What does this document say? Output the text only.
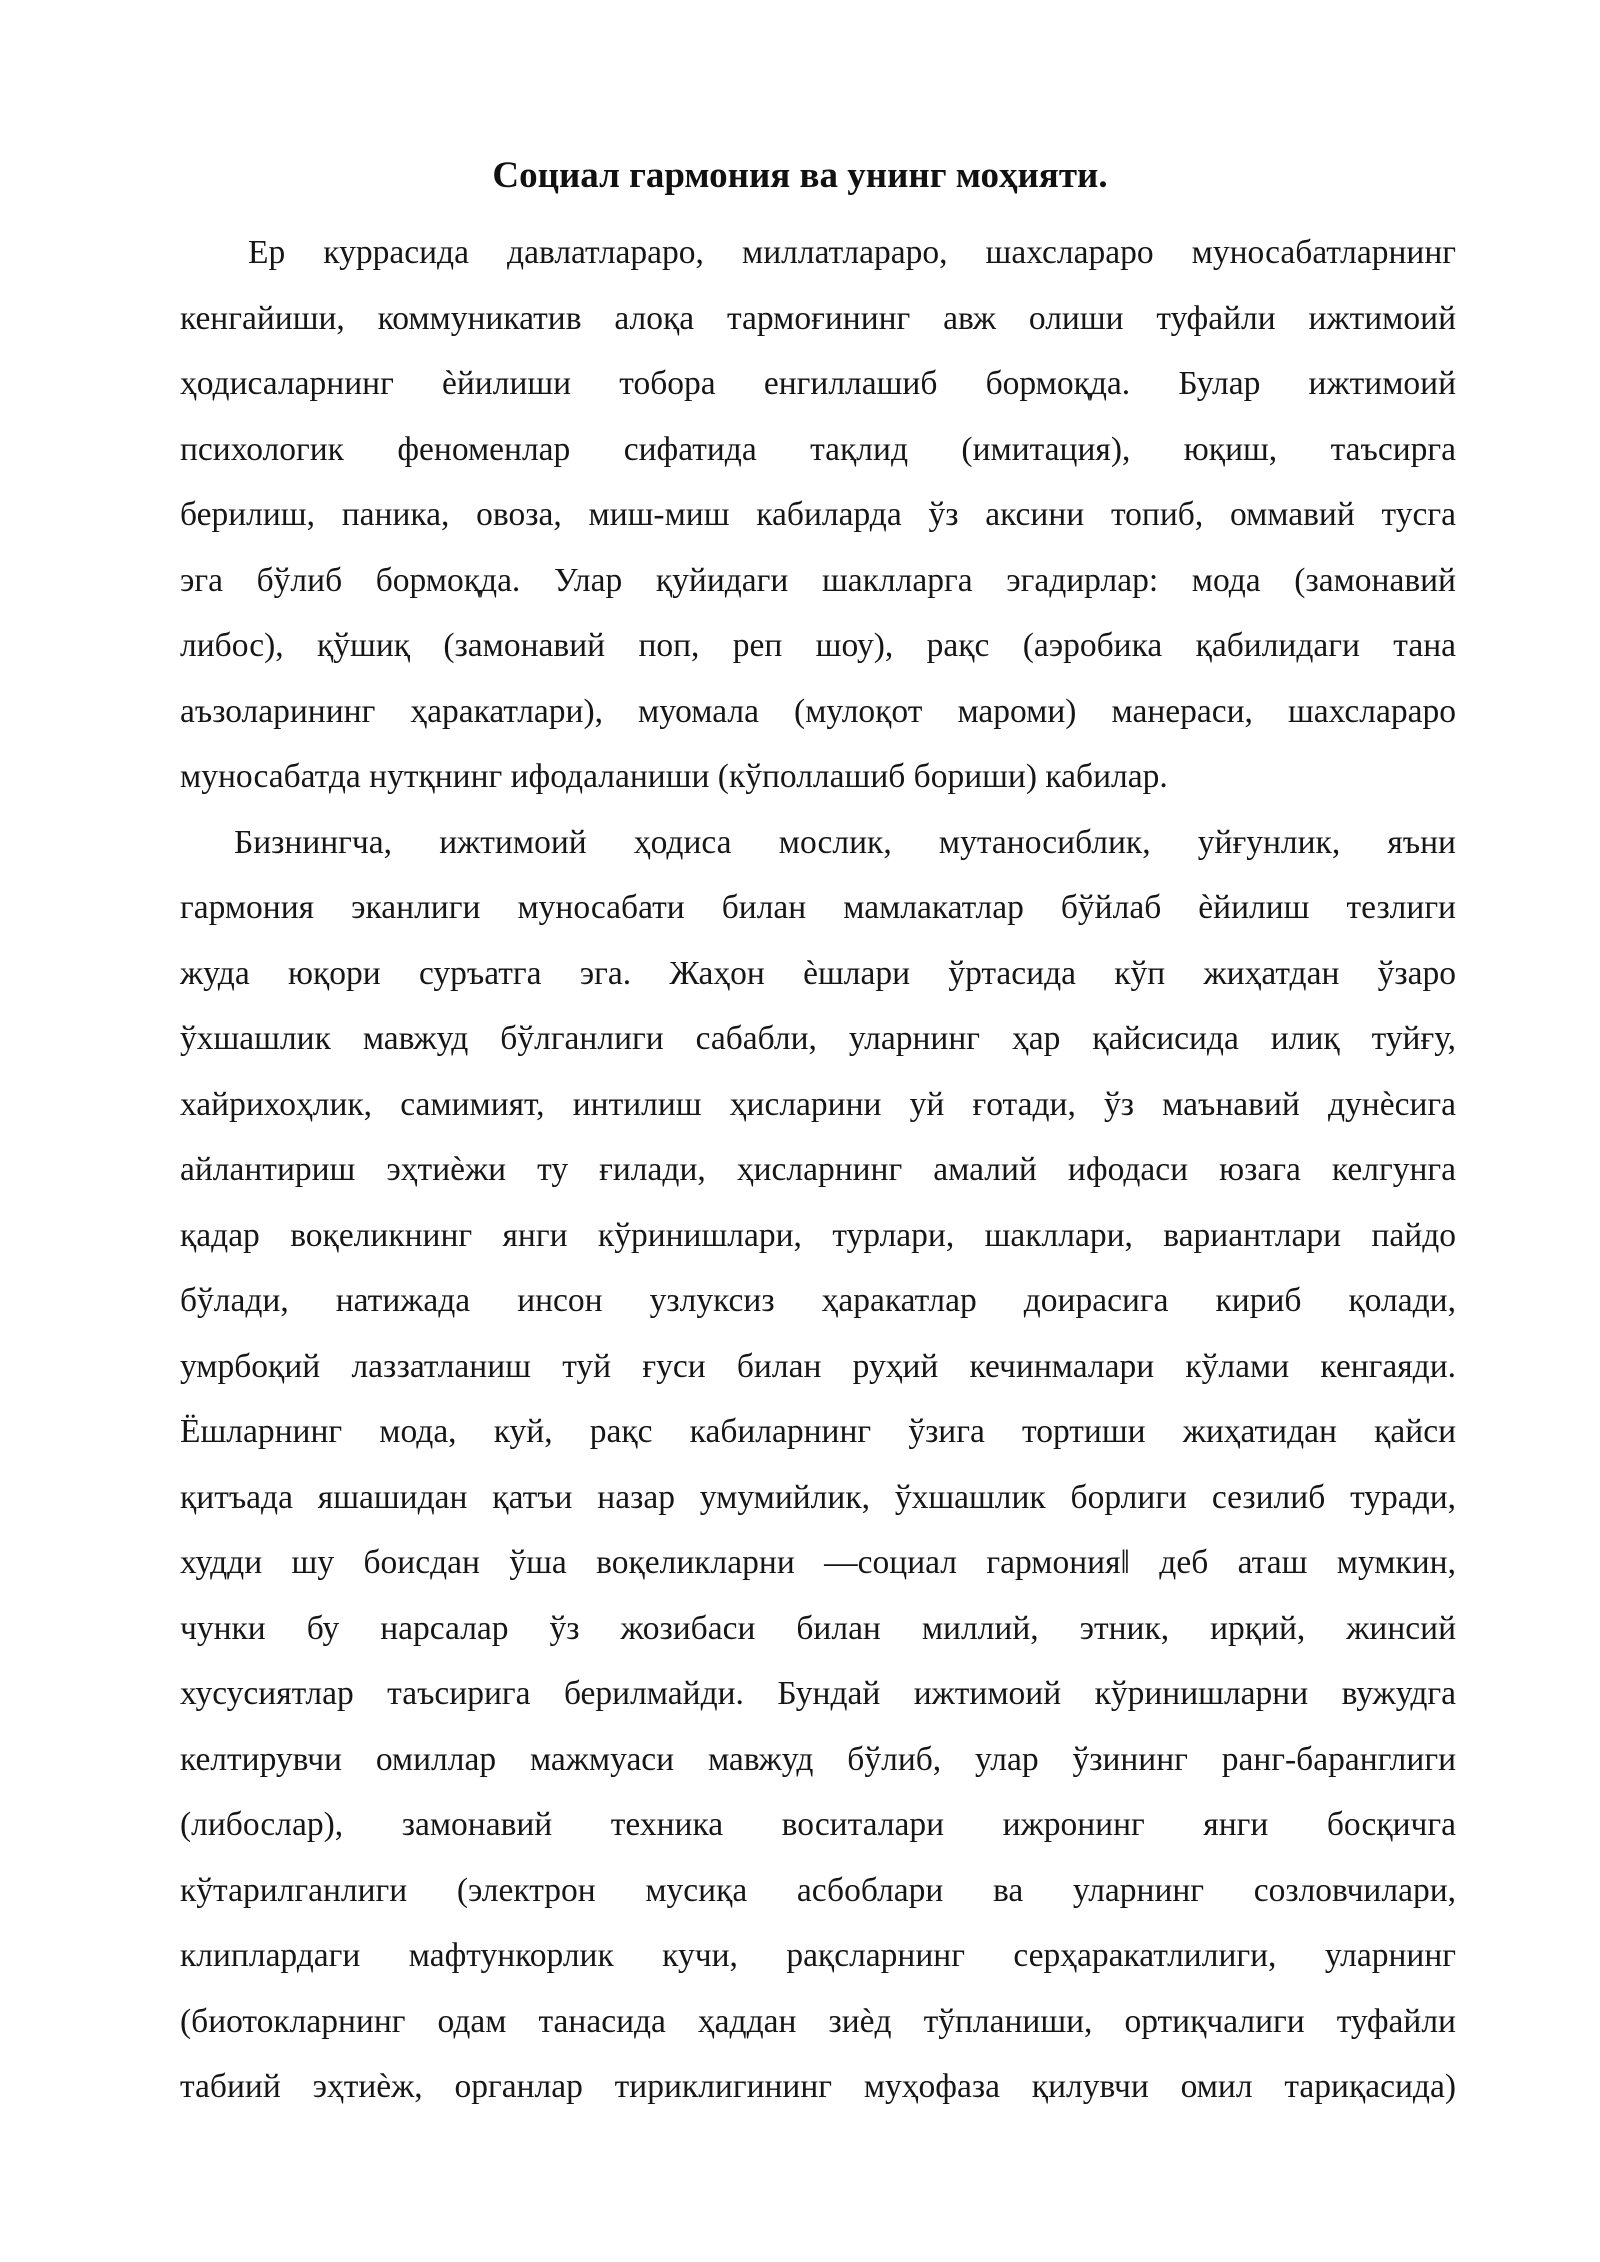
Социал гармония ва унинг моҳияти.

Ер куррасида давлатлараро, миллатлараро, шахслараро муносабатларнинг
кенгайиши, коммуникатив алоқа тармоғининг авж олиши туфайли ижтимоий
ҳодисаларнинг ѐйилиши тобора енгиллашиб бормоқда. Булар ижтимоий
психологик феноменлар сифатида тақлид (имитация), юқиш, таъсирга
берилиш, паника, овоза, миш-миш кабиларда ўз аксини топиб, оммавий тусга
эга бўлиб бормоқда. Улар қуйидаги шаклларга эгадирлар: мода (замонавий
либос), қўшиқ (замонавий поп, реп шоу), рақс (аэробика қабилидаги тана
аъзоларининг ҳаракатлари), муомала (мулоқот мароми) манераси, шахслараро
муносабатда нутқнинг ифодаланиши (кўполлашиб бориши) кабилар.

Бизнингча, ижтимоий ҳодиса мослик, мутаносиблик, уйғунлик, яъни
гармония эканлиги муносабати билан мамлакатлар бўйлаб ѐйилиш тезлиги
жуда юқори суръатга эга. Жаҳон ѐшлари ўртасида кўп жиҳатдан ўзаро
ўхшашлик мавжуд бўлганлиги сабабли, уларнинг ҳар қайсисида илиқ туйғу,
хайрихоҳлик, самимият, интилиш ҳисларини уй ғотади, ўз маънавий дунѐсига
айлантириш эҳтиѐжи ту ғилади, ҳисларнинг амалий ифодаси юзага келгунга
қадар воқеликнинг янги кўринишлари, турлари, шакллари, вариантлари пайдо
бўлади, натижада инсон узлуксиз ҳаракатлар доирасига кириб қолади,
умрбоқий лаззатланиш туй ғуси билан руҳий кечинмалари кўлами кенгаяди.
Ёшларнинг мода, куй, рақс кабиларнинг ўзига тортиши жиҳатидан қайси
қитъада яшашидан қатъи назар умумийлик, ўхшашлик борлиги сезилиб туради,
худди шу боисдан ўша воқеликларни ―социал гармония‖ деб аташ мумкин,
чунки бу нарсалар ўз жозибаси билан миллий, этник, ирқий, жинсий
хусусиятлар таъсирига берилмайди. Бундай ижтимоий кўринишларни вужудга
келтирувчи омиллар мажмуаси мавжуд бўлиб, улар ўзининг ранг-баранглиги
(либослар), замонавий техника воситалари ижронинг янги босқичга
кўтарилганлиги (электрон мусиқа асбоблари ва уларнинг созловчилари,
клиплардаги мафтункорлик кучи, рақсларнинг серҳаракатлилиги, уларнинг
(биотокларнинг одам танасида ҳаддан зиѐд тўпланиши, ортиқчалиги туфайли
табиий эҳтиѐж, органлар тириклигининг муҳофаза қилувчи омил тариқасида)
